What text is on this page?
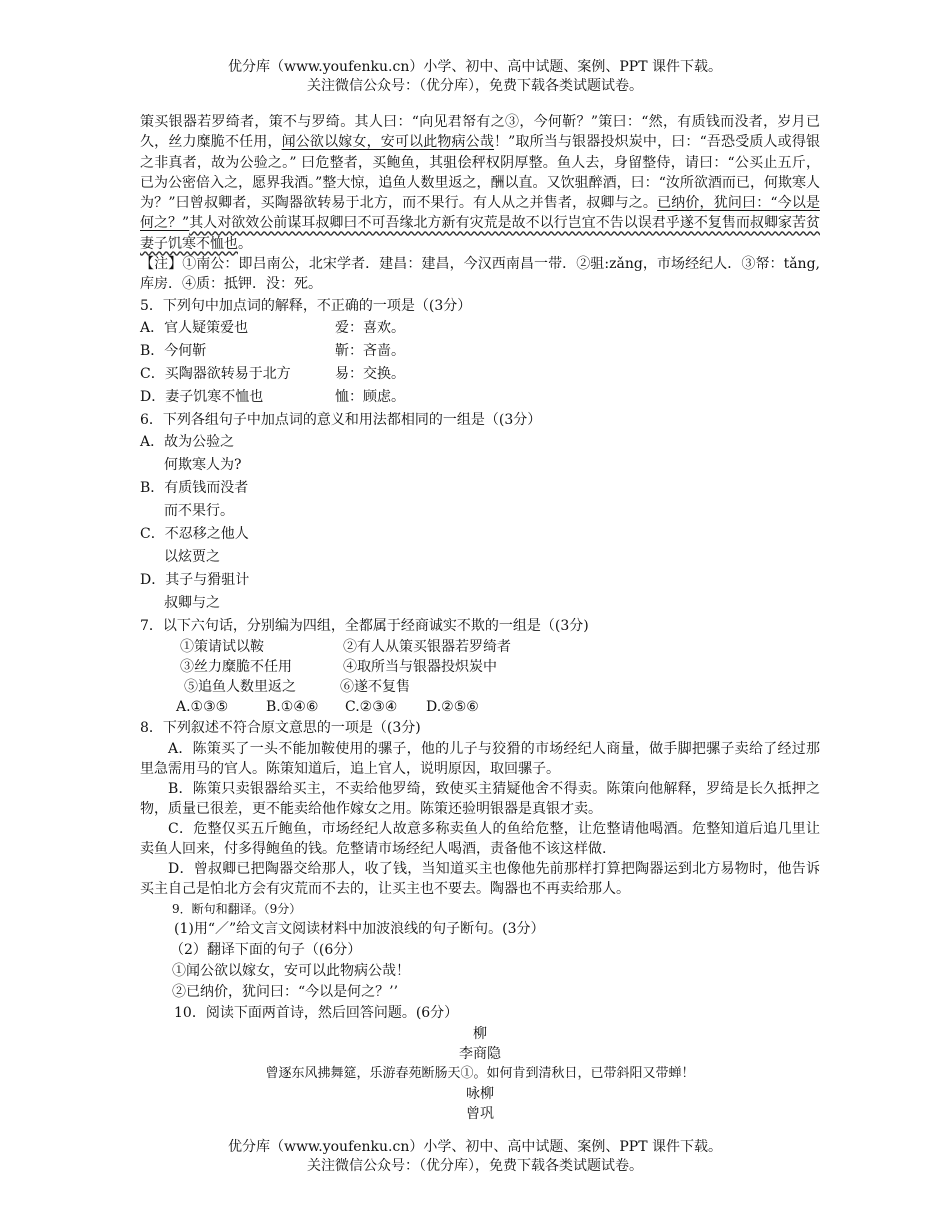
优分库（www.youfenku.cn）小学、初中、高中试题、案例、PPT 课件下载。
关注微信公众号：（优分库），免费下载各类试题试卷。
策买银器若罗绮者，策不与罗绮。其人曰：“向见君帑有之③，今何靳？”策曰：“然，有质钱而没者，岁月已久，丝力糜脆不任用，闻公欲以嫁女，安可以此物病公哉！”取所当与银器投炽炭中，曰：“吾恐受质人或得银之非真者，故为公验之。” 曰危整者，买鲍鱼，其驵侩秤权阴厚整。鱼人去，身留整侍，请曰：“公买止五斤，已为公密倍入之，愿界我酒。”整大惊，追鱼人数里返之，酬以直。又饮驵醉酒，曰：“汝所欲酒而已，何欺寒人为？”曰曾叔卿者，买陶器欲转易于北方，而不果行。有人从之并售者，叔卿与之。已纳价，犹问曰：“今以是何之？”其人对欲效公前谋耳叔卿曰不可吾缘北方新有灾荒是故不以行岂宜不告以误君乎遂不复售而叔卿家苦贫妻子饥寒不恤也。
【注】①南公：即吕南公，北宋学者．建昌：建昌，今汉西南昌一带．②驵:zǎng，市场经纪人．③帑：tǎng,库房．④质：抵钾．没：死。
5．下列句中加点词的解释，不正确的一项是（(3分）
A．官人疑策爱也	爱：喜欢。
B．今何靳	靳：吝啬。
C．买陶器欲转易于北方	易：交换。
D．妻子饥寒不恤也	恤：顾虑。
6．下列各组句子中加点词的意义和用法都相同的一组是（(3分）
A．故为公验之
何欺寒人为?
B．有质钱而没者
而不果行。
C．不忍移之他人
以炫贾之
D．其子与猾驵计
叔卿与之
7．以下六句话，分别编为四组，全都属于经商诚实不欺的一组是（(3分)
①策请试以鞍	②有人从策买银器若罗绮者
③丝力糜脆不任用	④取所当与银器投炽炭中
⑤追鱼人数里返之	⑥遂不复售
A.①③⑤	B.①④⑥ C.②③④ D.②⑤⑥
8．下列叙述不符合原文意思的一项是（(3分)
A．陈策买了一头不能加鞍使用的骡子，他的儿子与狡猾的市场经纪人商量，做手脚把骡子卖给了经过那里急需用马的官人。陈策知道后，追上官人，说明原因，取回骡子。
B．陈策只卖银器给买主，不卖给他罗绮，致使买主猜疑他舍不得卖。陈策向他解释，罗绮是长久抵押之物，质量已很差，更不能卖给他作嫁女之用。陈策还验明银器是真银才卖。
C．危整仅买五斤鲍鱼，市场经纪人故意多称卖鱼人的鱼给危整，让危整请他喝酒。危整知道后追几里让卖鱼人回来，付多得鲍鱼的钱。危整请市场经纪人喝酒，责备他不该这样做.
D．曾叔卿已把陶器交给那人，收了钱，当知道买主也像他先前那样打算把陶器运到北方易物时，他告诉买主自己是怕北方会有灾荒而不去的，让买主也不要去。陶器也不再卖给那人。
9．断句和翻译。（9分）
(1)用“／”给文言文阅读材料中加波浪线的句子断句。(3分）
（2）翻译下面的句子（(6分）
①闻公欲以嫁女，安可以此物病公哉！
②已纳价，犹问曰：“今以是何之？’’
10．阅读下面两首诗，然后回答问题。(6分）
柳
李商隐
曾逐东风拂舞筵，乐游春苑断肠天①。如何肯到清秋日，已带斜阳又带蝉！
咏柳
曾巩
优分库（www.youfenku.cn）小学、初中、高中试题、案例、PPT 课件下载。
关注微信公众号：（优分库），免费下载各类试题试卷。
